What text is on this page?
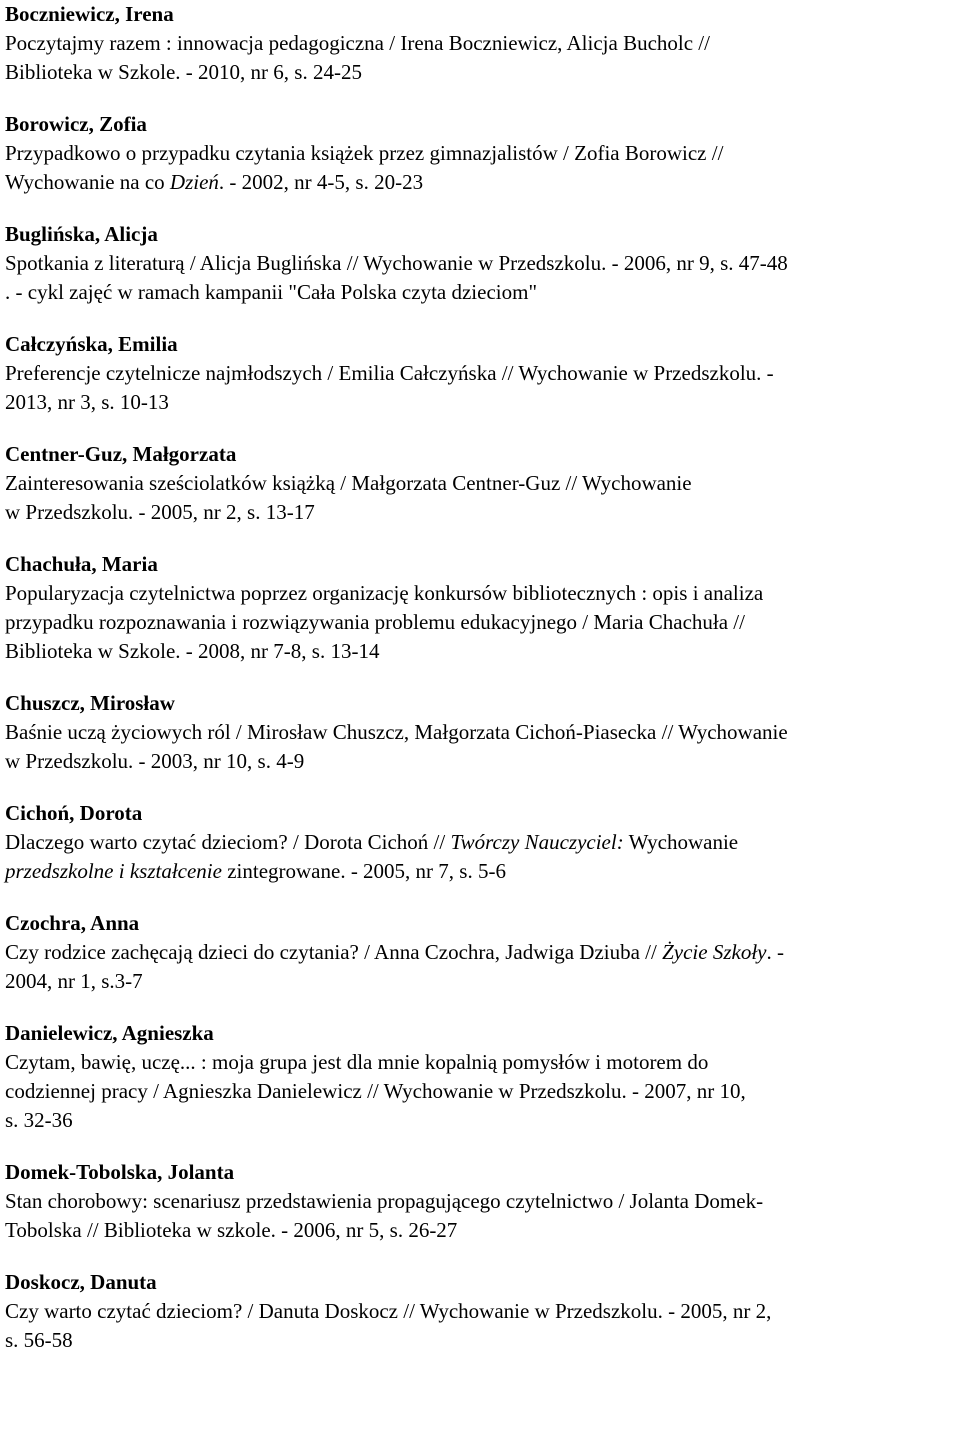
Boczniewicz, Irena
Poczytajmy razem : innowacja pedagogiczna / Irena Boczniewicz, Alicja Bucholc //
Biblioteka w Szkole. - 2010, nr 6, s. 24-25
Borowicz, Zofia
Przypadkowo o przypadku czytania książek przez gimnazjalistów / Zofia Borowicz //
Wychowanie na co Dzień. - 2002, nr 4-5, s. 20-23
Buglińska, Alicja
Spotkania z literaturą / Alicja Buglińska // Wychowanie w Przedszkolu. - 2006, nr 9, s. 47-48
. - cykl zajęć w ramach kampanii "Cała Polska czyta dzieciom"
Całczyńska, Emilia
Preferencje czytelnicze najmłodszych / Emilia Całczyńska // Wychowanie w Przedszkolu. -
2013, nr 3, s. 10-13
Centner-Guz, Małgorzata
Zainteresowania sześciolatków książką / Małgorzata Centner-Guz // Wychowanie
w Przedszkolu. - 2005, nr 2, s. 13-17
Chachuła, Maria
Popularyzacja czytelnictwa poprzez organizację konkursów bibliotecznych : opis i analiza
przypadku rozpoznawania i rozwiązywania problemu edukacyjnego / Maria Chachuła //
Biblioteka w Szkole. - 2008, nr 7-8, s. 13-14
Chuszcz, Mirosław
Baśnie uczą życiowych ról / Mirosław Chuszcz, Małgorzata Cichoń-Piasecka // Wychowanie
w Przedszkolu. - 2003, nr 10, s. 4-9
Cichoń, Dorota
Dlaczego warto czytać dzieciom? / Dorota Cichoń // Twórczy Nauczyciel: Wychowanie
przedszkolne i kształcenie zintegrowane. - 2005, nr 7, s. 5-6
Czochra, Anna
Czy rodzice zachęcają dzieci do czytania? / Anna Czochra, Jadwiga Dziuba // Życie Szkoły. -
2004, nr 1, s.3-7
Danielewicz, Agnieszka
Czytam, bawię, uczę... : moja grupa jest dla mnie kopalnią pomysłów i motorem do
codziennej pracy / Agnieszka Danielewicz // Wychowanie w Przedszkolu. - 2007, nr 10,
s. 32-36
Domek-Tobolska, Jolanta
Stan chorobowy: scenariusz przedstawienia propagującego czytelnictwo / Jolanta Domek-
Tobolska // Biblioteka w szkole. - 2006, nr 5, s. 26-27
Doskocz, Danuta
Czy warto czytać dzieciom? / Danuta Doskocz // Wychowanie w Przedszkolu. - 2005, nr 2,
s. 56-58
